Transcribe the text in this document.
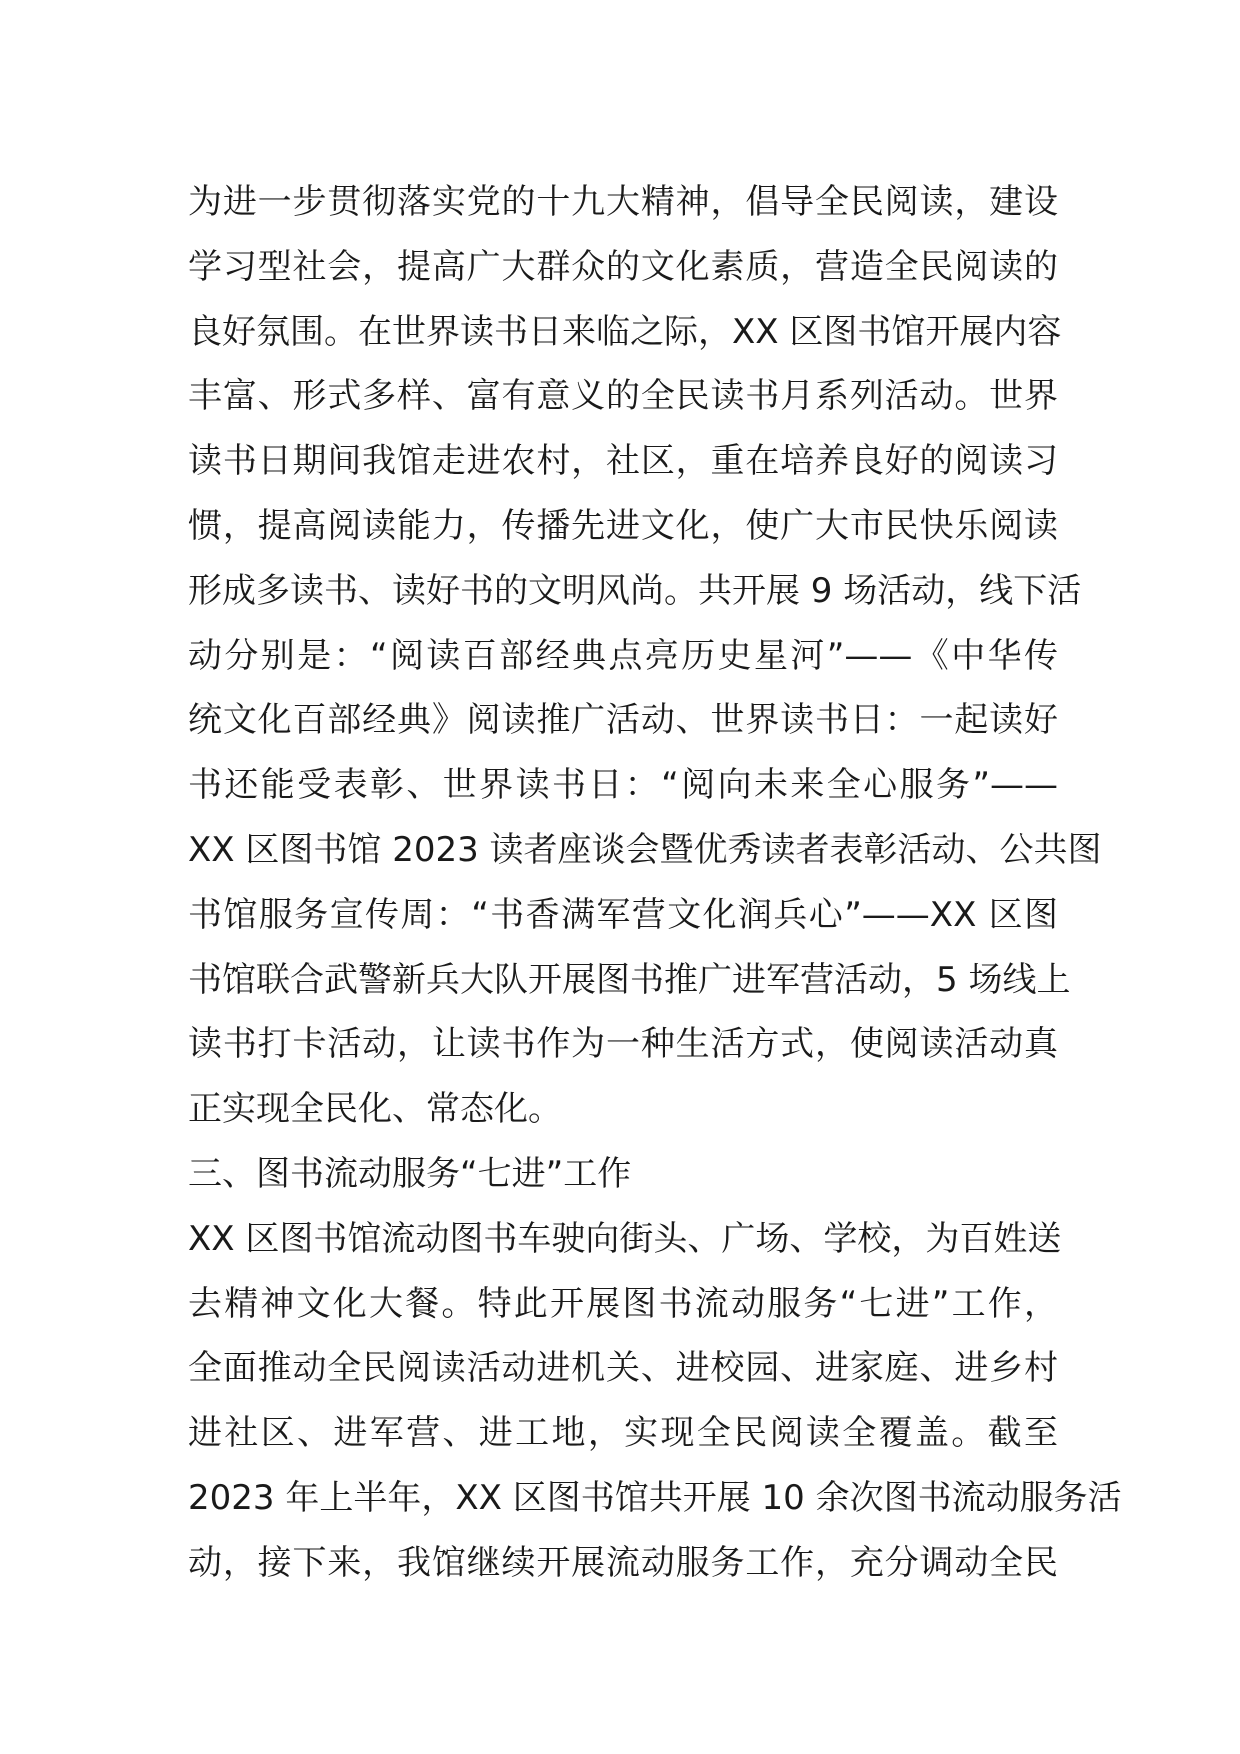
为进一步贯彻落实党的十九大精神，倡导全民阅读，建设
学习型社会，提高广大群众的文化素质，营造全民阅读的
良好氛围。在世界读书日来临之际，XX 区图书馆开展内容
丰富、形式多样、富有意义的全民读书月系列活动。世界
读书日期间我馆走进农村，社区，重在培养良好的阅读习
惯，提高阅读能力，传播先进文化，使广大市民快乐阅读
形成多读书、读好书的文明风尚。共开展 9 场活动，线下活
动分别是：“阅读百部经典点亮历史星河”——《中华传
统文化百部经典》阅读推广活动、世界读书日：一起读好
书还能受表彰、世界读书日：“阅向未来全心服务”——
XX 区图书馆 2023 读者座谈会暨优秀读者表彰活动、公共图
书馆服务宣传周：“书香满军营文化润兵心”——XX 区图
书馆联合武警新兵大队开展图书推广进军营活动，5 场线上
读书打卡活动，让读书作为一种生活方式，使阅读活动真
正实现全民化、常态化。
三、图书流动服务“七进”工作
XX 区图书馆流动图书车驶向街头、广场、学校，为百姓送
去精神文化大餐。特此开展图书流动服务“七进”工作，
全面推动全民阅读活动进机关、进校园、进家庭、进乡村
进社区、进军营、进工地，实现全民阅读全覆盖。截至
2023 年上半年，XX 区图书馆共开展 10 余次图书流动服务活
动，接下来，我馆继续开展流动服务工作，充分调动全民
